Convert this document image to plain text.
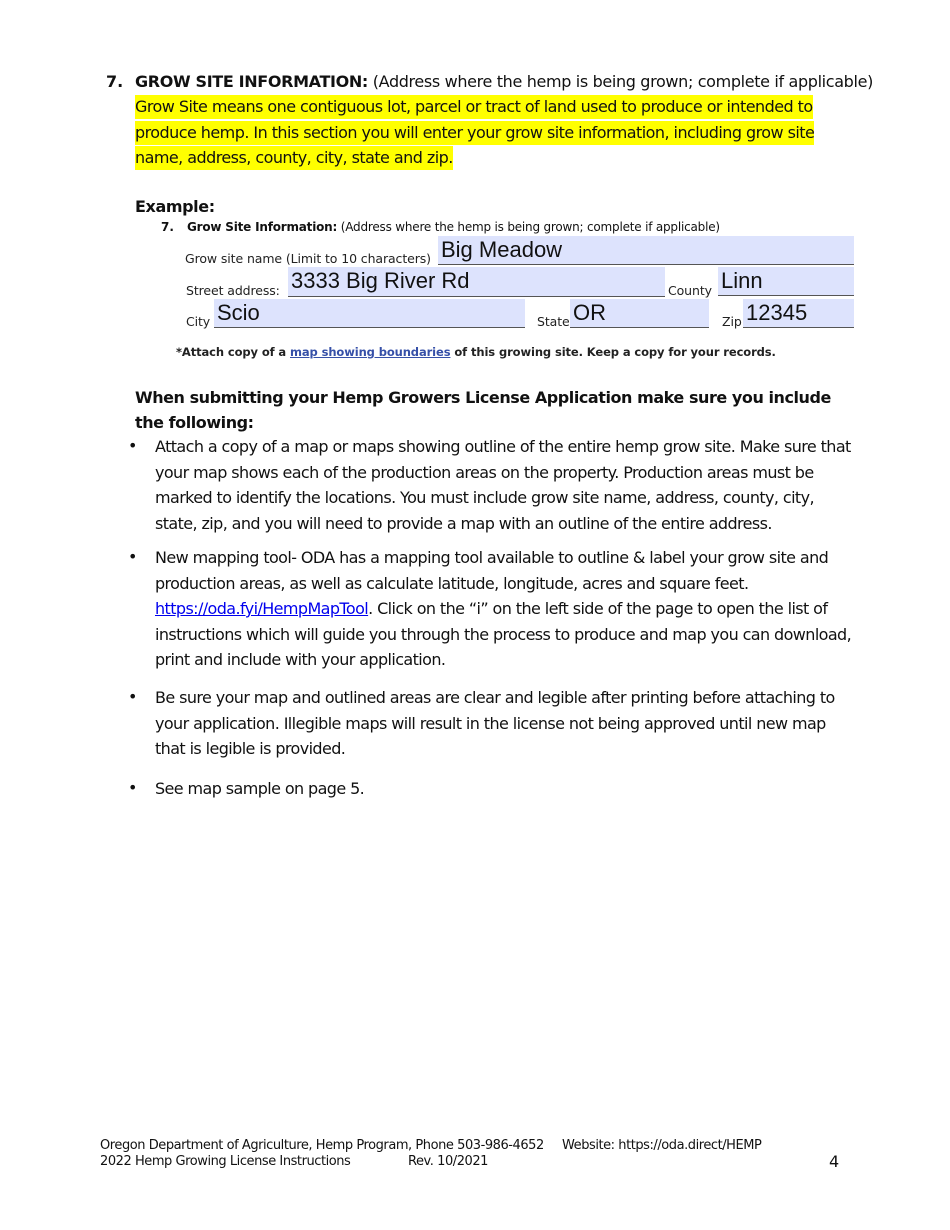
7. GROW SITE INFORMATION: (Address where the hemp is being grown; complete if applicable)
Grow Site means one contiguous lot, parcel or tract of land used to produce or intended to produce hemp. In this section you will enter your grow site information, including grow site name, address, county, city, state and zip.
Example:
7. Grow Site Information: (Address where the hemp is being grown; complete if applicable)
Grow site name (Limit to 10 characters) Big Meadow
Street address: 3333 Big River Rd	County Linn
City Scio	State OR	Zip 12345
*Attach copy of a map showing boundaries of this growing site. Keep a copy for your records.
When submitting your Hemp Growers License Application make sure you include the following:
• Attach a copy of a map or maps showing outline of the entire hemp grow site. Make sure that your map shows each of the production areas on the property. Production areas must be marked to identify the locations. You must include grow site name, address, county, city, state, zip, and you will need to provide a map with an outline of the entire address.
• New mapping tool- ODA has a mapping tool available to outline & label your grow site and production areas, as well as calculate latitude, longitude, acres and square feet. https://oda.fyi/HempMapTool. Click on the “i” on the left side of the page to open the list of instructions which will guide you through the process to produce and map you can download, print and include with your application.
• Be sure your map and outlined areas are clear and legible after printing before attaching to your application. Illegible maps will result in the license not being approved until new map that is legible is provided.
• See map sample on page 5.
Oregon Department of Agriculture, Hemp Program, Phone 503-986-4652 Website: https://oda.direct/HEMP
2022 Hemp Growing License Instructions	Rev. 10/2021	4
